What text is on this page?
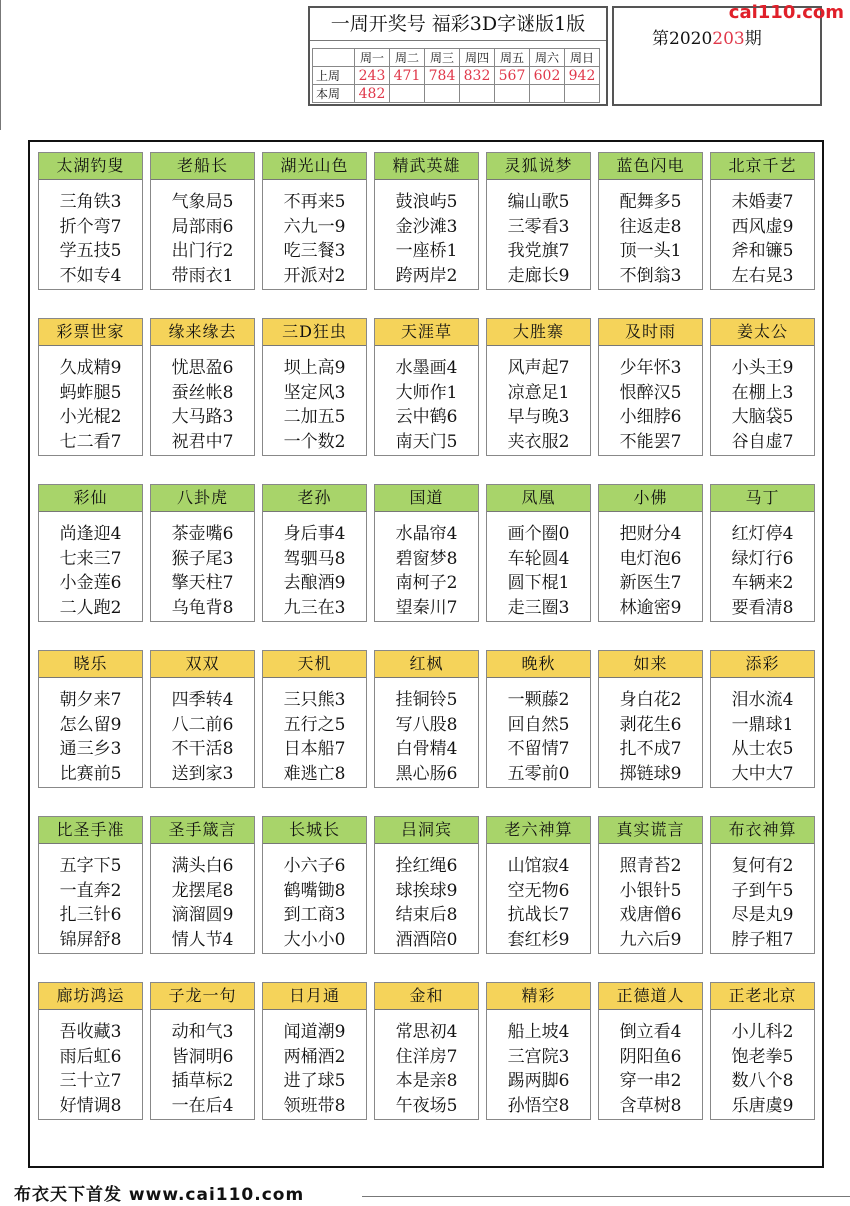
一周开奖号 福彩3D字谜版1版
	周一	周二	周三	周四	周五	周六	周日
上周	243	471	784	832	567	602	942
本周	482						
第2020203期
cai110.com
太湖钓叟
三角铁3
折个弯7
学五技5
不如专4
老船长
气象局5
局部雨6
出门行2
带雨衣1
湖光山色
不再来5
六九一9
吃三餐3
开派对2
精武英雄
鼓浪屿5
金沙滩3
一座桥1
跨两岸2
灵狐说梦
编山歌5
三零看3
我党旗7
走廊长9
蓝色闪电
配舞多5
往返走8
顶一头1
不倒翁3
北京千艺
未婚妻7
西风虚9
斧和镰5
左右晃3
彩票世家
久成精9
蚂蚱腿5
小光棍2
七二看7
缘来缘去
忧思盈6
蚕丝帐8
大马路3
祝君中7
三D狂虫
坝上高9
坚定风3
二加五5
一个数2
天涯草
水墨画4
大师作1
云中鹤6
南天门5
大胜寨
风声起7
凉意足1
早与晚3
夹衣服2
及时雨
少年怀3
恨醉汉5
小细脖6
不能罢7
姜太公
小头王9
在棚上3
大脑袋5
谷自虚7
彩仙
尚逢迎4
七来三7
小金莲6
二人跑2
八卦虎
茶壶嘴6
猴子尾3
擎天柱7
乌龟背8
老孙
身后事4
驾驷马8
去酿酒9
九三在3
国道
水晶帘4
碧窗梦8
南柯子2
望秦川7
凤凰
画个圈0
车轮圆4
圆下棍1
走三圈3
小佛
把财分4
电灯泡6
新医生7
林逾密9
马丁
红灯停4
绿灯行6
车辆来2
要看清8
晓乐
朝夕来7
怎么留9
通三乡3
比赛前5
双双
四季转4
八二前6
不干活8
送到家3
天机
三只熊3
五行之5
日本船7
难逃亡8
红枫
挂铜铃5
写八股8
白骨精4
黑心肠6
晚秋
一颗藤2
回自然5
不留情7
五零前0
如来
身白花2
剥花生6
扎不成7
掷链球9
添彩
泪水流4
一鼎球1
从士农5
大中大7
比圣手准
五字下5
一直奔2
扎三针6
锦屏舒8
圣手箴言
满头白6
龙摆尾8
滴溜圆9
情人节4
长城长
小六子6
鹤嘴锄8
到工商3
大小小0
吕洞宾
拴红绳6
球挨球9
结束后8
酒酒陪0
老六神算
山馆寂4
空无物6
抗战长7
套红杉9
真实谎言
照青苔2
小银针5
戏唐僧6
九六后9
布衣神算
复何有2
子到午5
尽是丸9
脖子粗7
廊坊鸿运
吾收藏3
雨后虹6
三十立7
好情调8
子龙一句
动和气3
皆洞明6
插草标2
一在后4
日月通
闻道潮9
两桶酒2
进了球5
领班带8
金和
常思初4
住洋房7
本是亲8
午夜场5
精彩
船上坡4
三宫院3
踢两脚6
孙悟空8
正德道人
倒立看4
阴阳鱼6
穿一串2
含草树8
正老北京
小儿科2
饱老拳5
数八个8
乐唐虞9
布衣天下首发 www.cai110.com
